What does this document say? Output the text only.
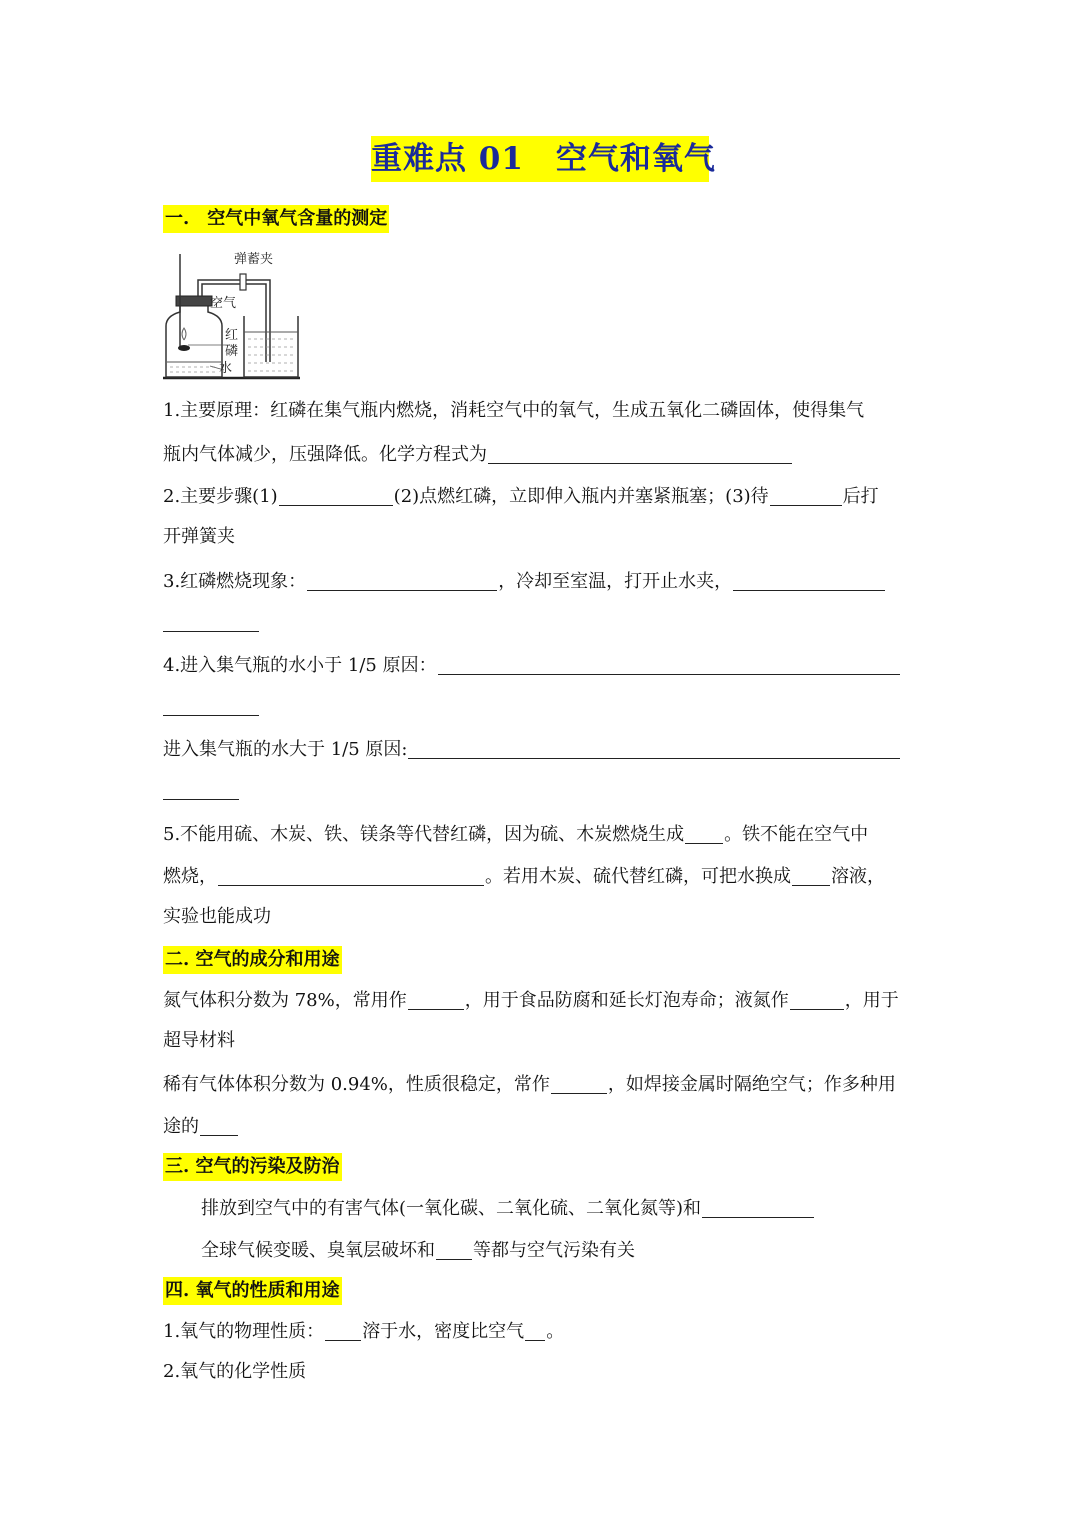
重难点 01　空气和氧气
一.　空气中氧气含量的测定
弹蓄夹
空气
红
磷
水
1.主要原理：红磷在集气瓶内燃烧，消耗空气中的氧气，生成五氧化二磷固体，使得集气
瓶内气体减少，压强降低。化学方程式为
2.主要步骤(1)	(2)点燃红磷，立即伸入瓶内并塞紧瓶塞；(3)待	后打
开弹簧夹
3.红磷燃烧现象：	，冷却至室温，打开止水夹，
4.进入集气瓶的水小于 1/5 原因：
进入集气瓶的水大于 1/5 原因:
5.不能用硫、木炭、铁、镁条等代替红磷，因为硫、木炭燃烧生成 。铁不能在空气中
燃烧，	。若用木炭、硫代替红磷，可把水换成 溶液，
实验也能成功
二. 空气的成分和用途
氮气体积分数为 78%，常用作	，用于食品防腐和延长灯泡寿命；液氮作	，用于
超导材料
稀有气体体积分数为 0.94%，性质很稳定，常作	，如焊接金属时隔绝空气；作多种用
途的
三. 空气的污染及防治
排放到空气中的有害气体(一氧化碳、二氧化硫、二氧化氮等)和
全球气候变暖、臭氧层破坏和 等都与空气污染有关
四. 氧气的性质和用途
1.氧气的物理性质： 溶于水，密度比空气 。
2.氧气的化学性质
